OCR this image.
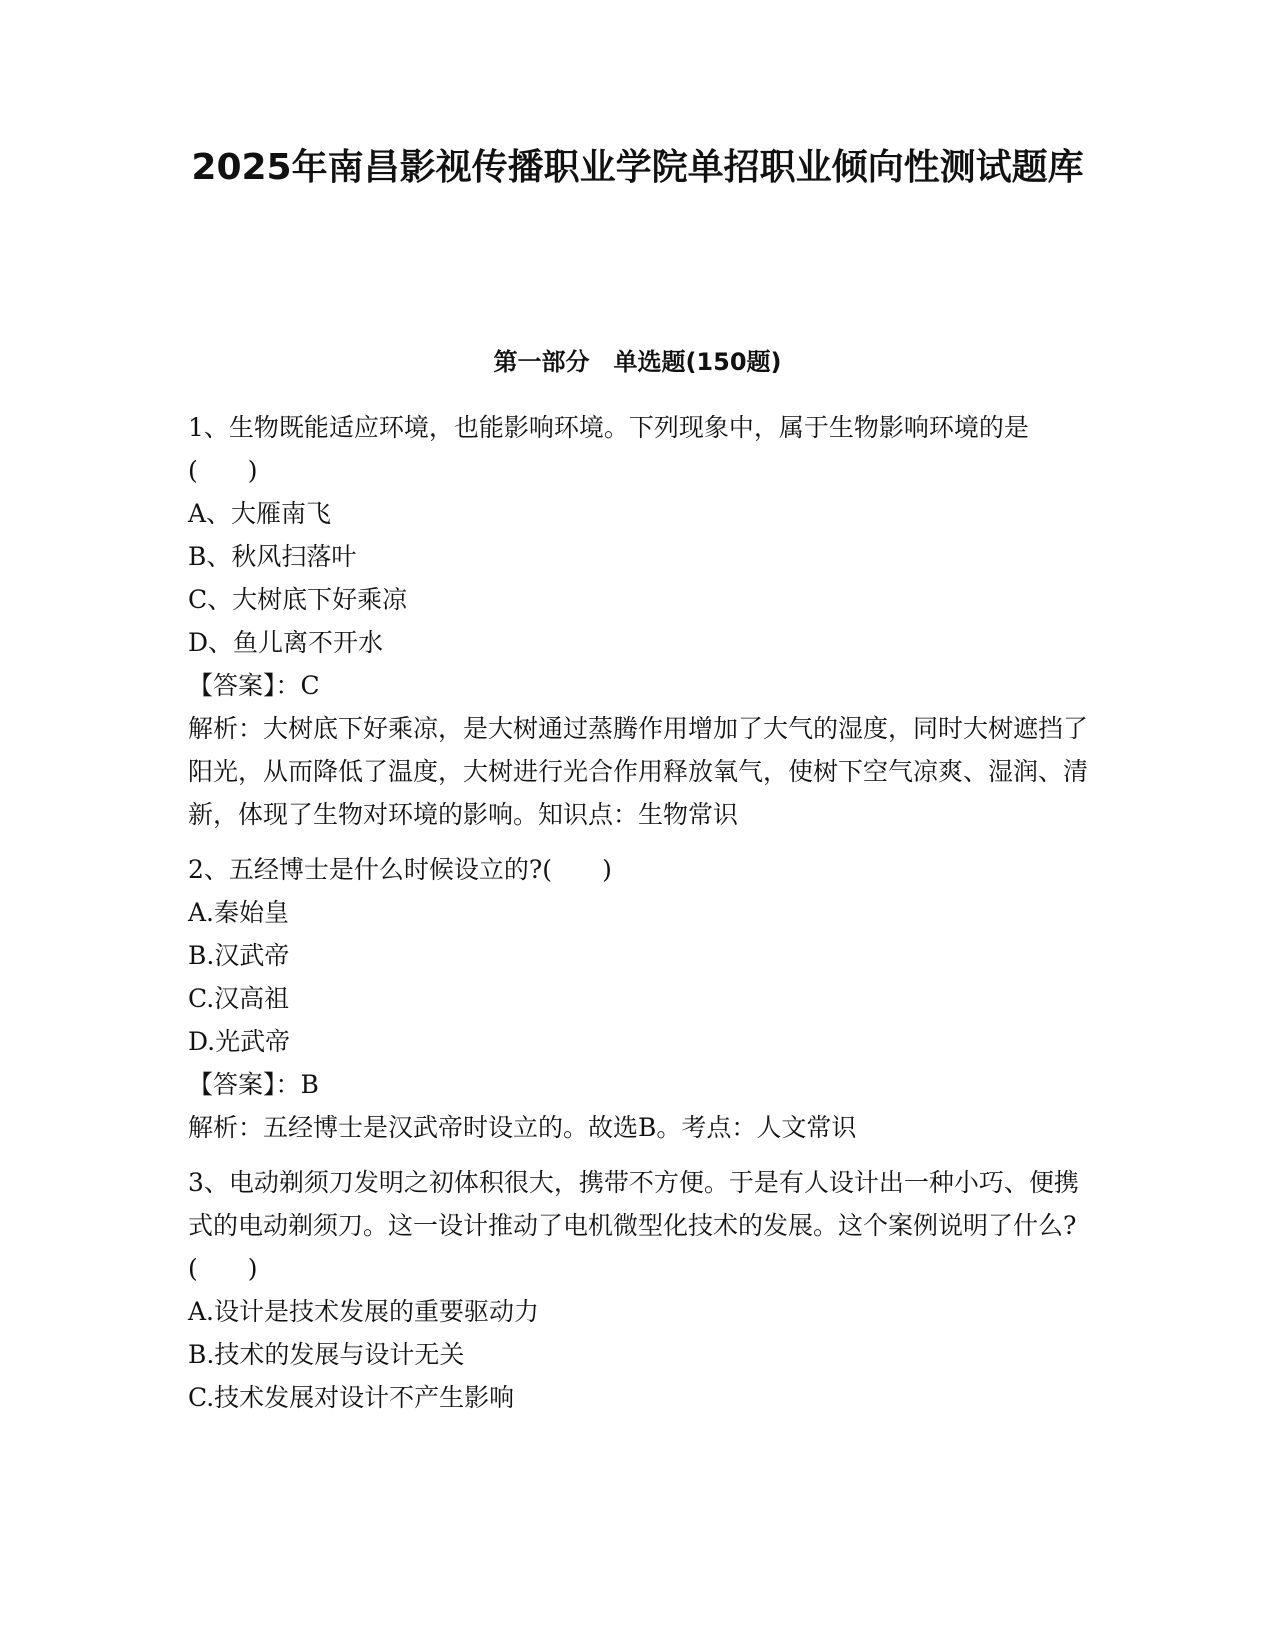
2025年南昌影视传播职业学院单招职业倾向性测试题库
第一部分　单选题(150题)

1、生物既能适应环境，也能影响环境。下列现象中，属于生物影响环境的是(　　)

A、大雁南飞

B、秋风扫落叶

C、大树底下好乘凉

D、鱼儿离不开水

【答案】：C

解析：大树底下好乘凉，是大树通过蒸腾作用增加了大气的湿度，同时大树遮挡了阳光，从而降低了温度，大树进行光合作用释放氧气，使树下空气凉爽、湿润、清新，体现了生物对环境的影响。知识点：生物常识

2、五经博士是什么时候设立的?(　　)

A.秦始皇

B.汉武帝

C.汉高祖

D.光武帝

【答案】：B

解析：五经博士是汉武帝时设立的。故选B。考点：人文常识

3、电动剃须刀发明之初体积很大，携带不方便。于是有人设计出一种小巧、便携式的电动剃须刀。这一设计推动了电机微型化技术的发展。这个案例说明了什么?(　　)

A.设计是技术发展的重要驱动力

B.技术的发展与设计无关

C.技术发展对设计不产生影响
